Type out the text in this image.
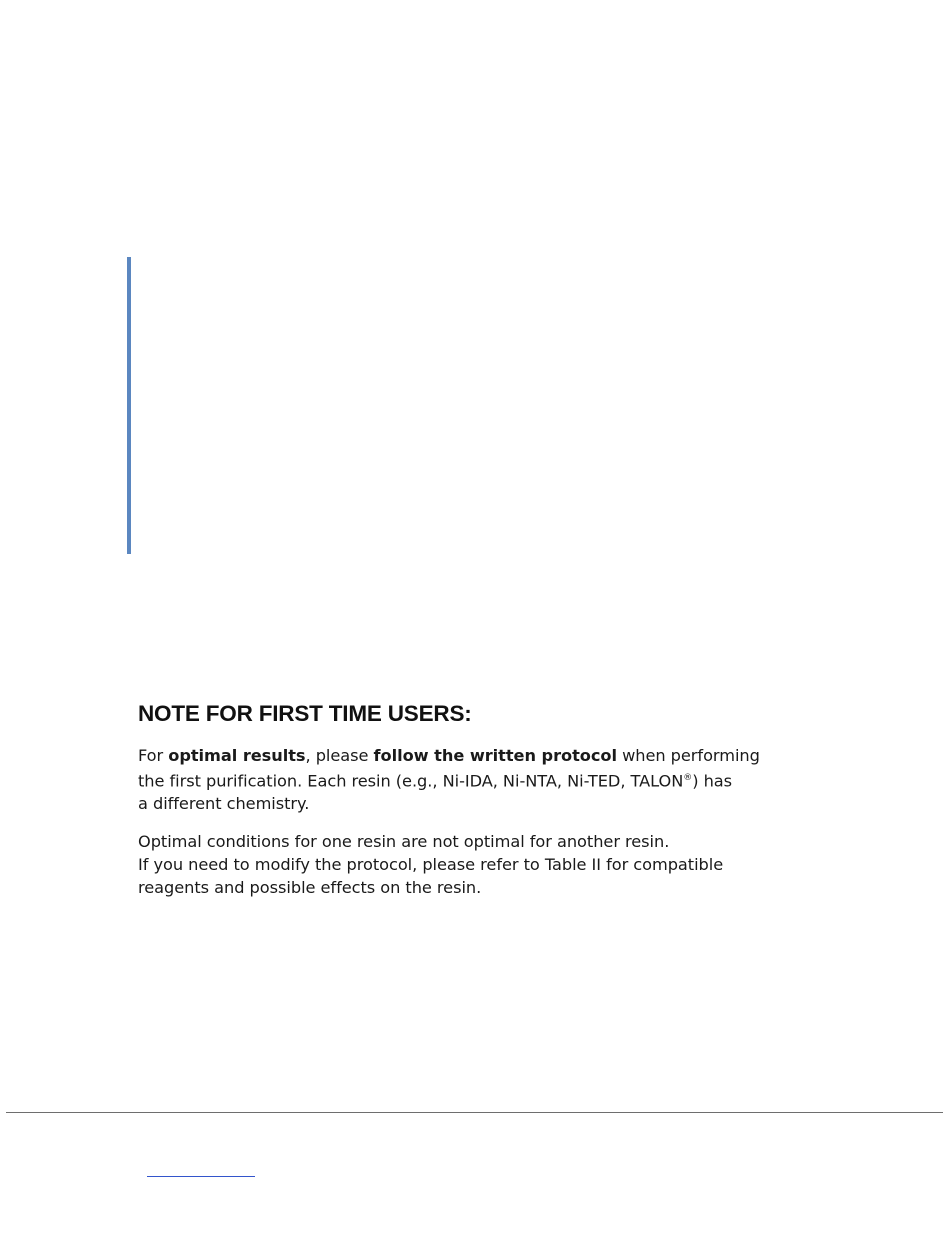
NOTE FOR FIRST TIME USERS:

For optimal results, please follow the written protocol when performing
the first purification. Each resin (e.g., Ni-IDA, Ni-NTA, Ni-TED, TALON®) has
a different chemistry.

Optimal conditions for one resin are not optimal for another resin.
If you need to modify the protocol, please refer to Table II for compatible
reagents and possible effects on the resin.
